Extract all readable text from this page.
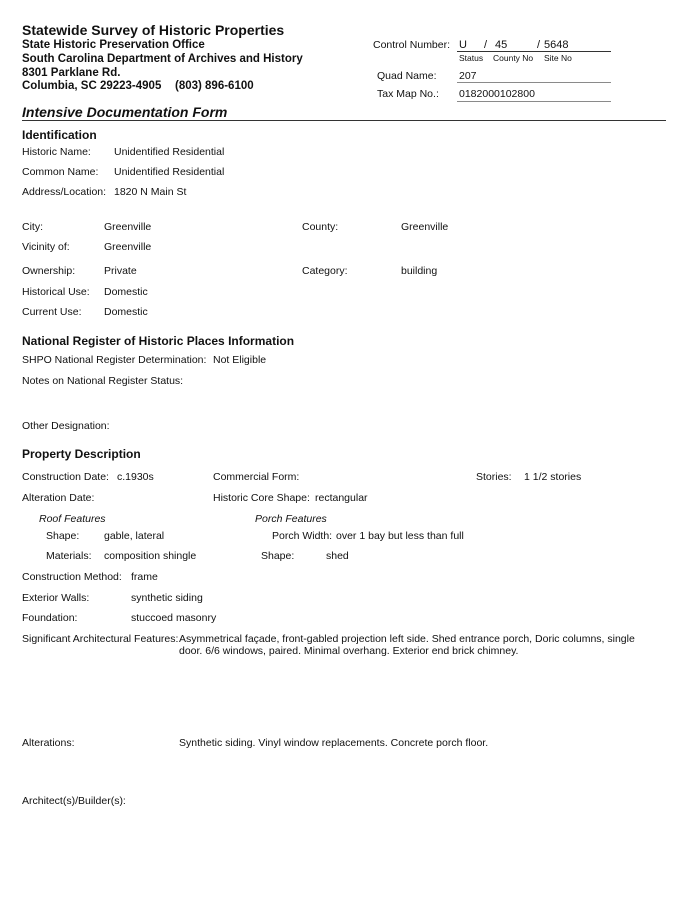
Statewide Survey of Historic Properties
State Historic Preservation Office
South Carolina Department of Archives and History
8301 Parklane Rd.
Columbia, SC 29223-4905 (803) 896-6100
Control Number: U / 45	/ 5648
Status County No Site No
Quad Name: 207
Tax Map No.: 0182000102800
Intensive Documentation Form
Identification
Historic Name: Unidentified Residential
Common Name: Unidentified Residential
Address/Location: 1820 N Main St
City:	Greenville	County:	Greenville
Vicinity of:	Greenville
Ownership:	Private	Category:	building
Historical Use: Domestic
Current Use: Domestic
National Register of Historic Places Information
SHPO National Register Determination: Not Eligible
Notes on National Register Status:
Other Designation:
Property Description
Construction Date: c.1930s	Commercial Form:	Stories: 1 1/2 stories
Alteration Date:	Historic Core Shape: rectangular
Roof Features	Porch Features
Shape: gable, lateral	Porch Width: over 1 bay but less than full
Materials: composition shingle	Shape:	shed
Construction Method: frame
Exterior Walls:	synthetic siding
Foundation:	stuccoed masonry
Significant Architectural Features: Asymmetrical façade, front-gabled projection left side. Shed entrance porch, Doric columns, single
door. 6/6 windows, paired. Minimal overhang. Exterior end brick chimney.
Alterations:	Synthetic siding. Vinyl window replacements. Concrete porch floor.
Architect(s)/Builder(s):
